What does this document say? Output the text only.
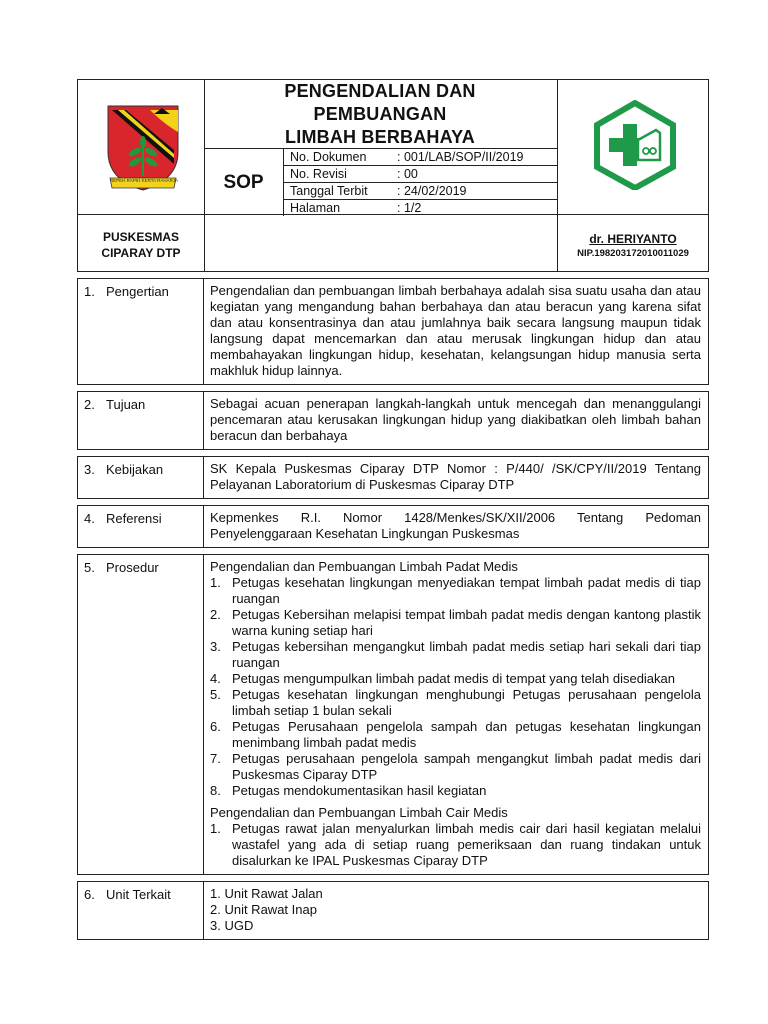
REPEH RAPIH KERTA RAHARJA
PENGENDALIAN DAN
PEMBUANGAN
LIMBAH BERBAHAYA
SOP
No. Dokumen : 001/LAB/SOP/II/2019
No. Revisi	: 00
Tanggal Terbit : 24/02/2019
Halaman	: 1/2
PUSKESMAS
CIPARAY DTP
dr. HERIYANTO
NIP.198203172010011029
1. Pengertian	Pengendalian dan pembuangan limbah berbahaya adalah sisa suatu usaha dan atau kegiatan yang mengandung bahan berbahaya dan atau beracun yang karena sifat dan atau konsentrasinya dan atau jumlahnya baik secara langsung maupun tidak langsung dapat mencemarkan dan atau merusak lingkungan hidup dan atau membahayakan lingkungan hidup, kesehatan, kelangsungan hidup manusia serta makhluk hidup lainnya.
2. Tujuan	Sebagai acuan penerapan langkah-langkah untuk mencegah dan menanggulangi pencemaran atau kerusakan lingkungan hidup yang diakibatkan oleh limbah bahan beracun dan berbahaya
3. Kebijakan	SK Kepala Puskesmas Ciparay DTP Nomor : P/440/ /SK/CPY/II/2019 Tentang Pelayanan Laboratorium di Puskesmas Ciparay DTP
4. Referensi	Kepmenkes R.I. Nomor 1428/Menkes/SK/XII/2006 Tentang Pedoman Penyelenggaraan Kesehatan Lingkungan Puskesmas
5. Prosedur	Pengendalian dan Pembuangan Limbah Padat Medis
1. Petugas kesehatan lingkungan menyediakan tempat limbah padat medis di tiap ruangan
2. Petugas Kebersihan melapisi tempat limbah padat medis dengan kantong plastik warna kuning setiap hari
3. Petugas kebersihan mengangkut limbah padat medis setiap hari sekali dari tiap ruangan
4. Petugas mengumpulkan limbah padat medis di tempat yang telah disediakan
5. Petugas kesehatan lingkungan menghubungi Petugas perusahaan pengelola limbah setiap 1 bulan sekali
6. Petugas Perusahaan pengelola sampah dan petugas kesehatan lingkungan menimbang limbah padat medis
7. Petugas perusahaan pengelola sampah mengangkut limbah padat medis dari Puskesmas Ciparay DTP
8. Petugas mendokumentasikan hasil kegiatan
Pengendalian dan Pembuangan Limbah Cair Medis
1. Petugas rawat jalan menyalurkan limbah medis cair dari hasil kegiatan melalui wastafel yang ada di setiap ruang pemeriksaan dan ruang tindakan untuk disalurkan ke IPAL Puskesmas Ciparay DTP
6. Unit Terkait	1. Unit Rawat Jalan
2. Unit Rawat Inap
3. UGD
